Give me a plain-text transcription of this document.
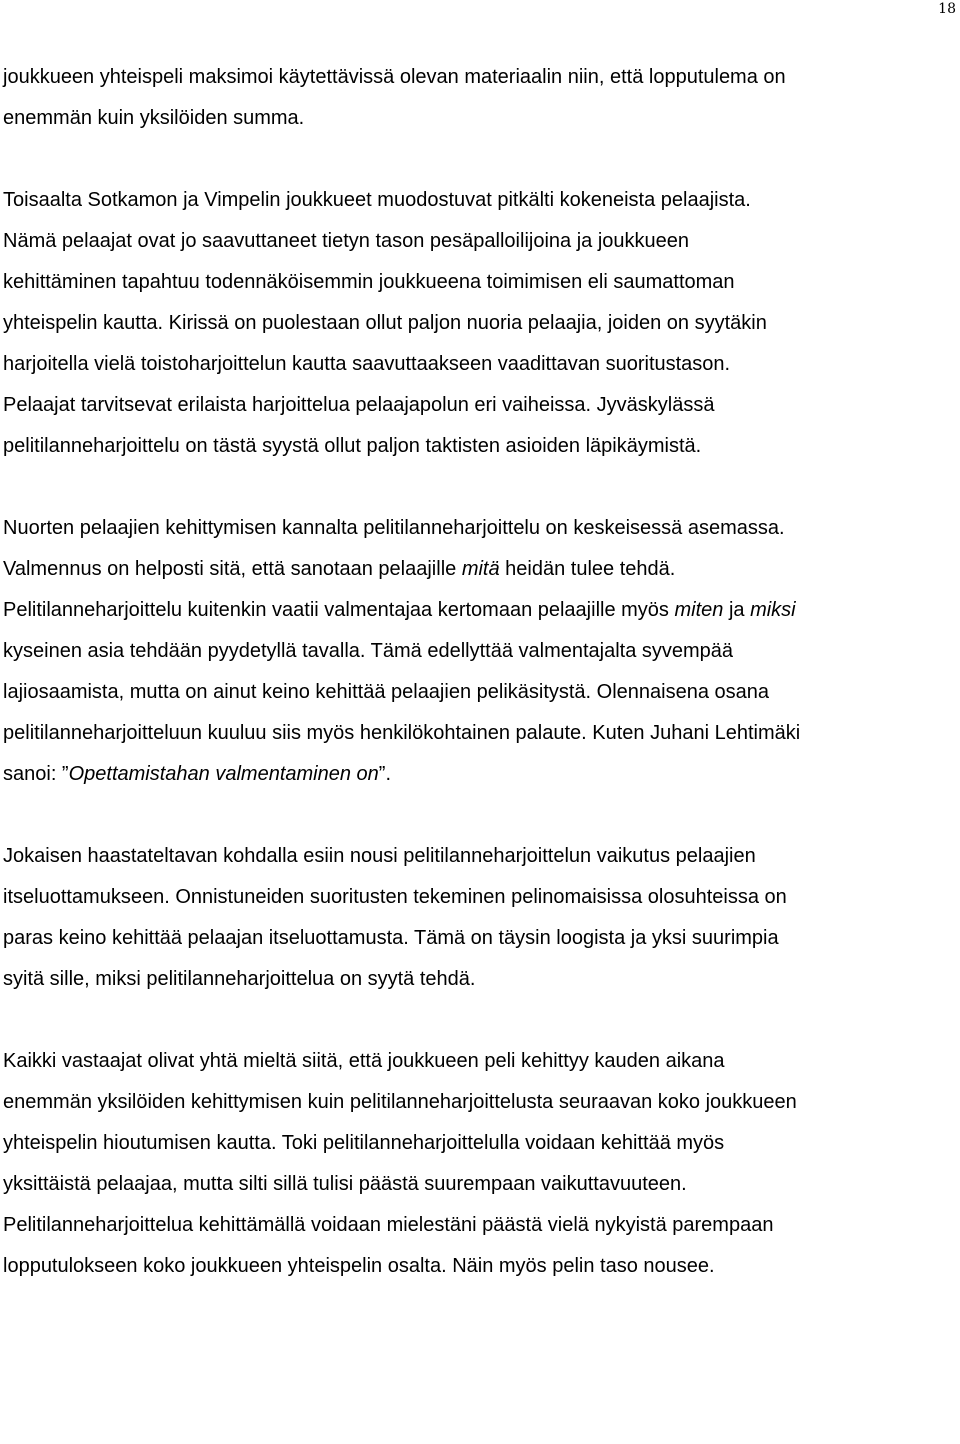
18

joukkueen yhteispeli maksimoi käytettävissä olevan materiaalin niin, että lopputulema on
enemmän kuin yksilöiden summa.

Toisaalta Sotkamon ja Vimpelin joukkueet muodostuvat pitkälti kokeneista pelaajista.
Nämä pelaajat ovat jo saavuttaneet tietyn tason pesäpalloilijoina ja joukkueen
kehittäminen tapahtuu todennäköisemmin joukkueena toimimisen eli saumattoman
yhteispelin kautta. Kirissä on puolestaan ollut paljon nuoria pelaajia, joiden on syytäkin
harjoitella vielä toistoharjoittelun kautta saavuttaakseen vaadittavan suoritustason.
Pelaajat tarvitsevat erilaista harjoittelua pelaajapolun eri vaiheissa. Jyväskylässä
pelitilanneharjoittelu on tästä syystä ollut paljon taktisten asioiden läpikäymistä.

Nuorten pelaajien kehittymisen kannalta pelitilanneharjoittelu on keskeisessä asemassa.
Valmennus on helposti sitä, että sanotaan pelaajille mitä heidän tulee tehdä.
Pelitilanneharjoittelu kuitenkin vaatii valmentajaa kertomaan pelaajille myös miten ja miksi
kyseinen asia tehdään pyydetyllä tavalla. Tämä edellyttää valmentajalta syvempää
lajiosaamista, mutta on ainut keino kehittää pelaajien pelikäsitystä. Olennaisena osana
pelitilanneharjoitteluun kuuluu siis myös henkilökohtainen palaute. Kuten Juhani Lehtimäki
sanoi: ”Opettamistahan valmentaminen on”.

Jokaisen haastateltavan kohdalla esiin nousi pelitilanneharjoittelun vaikutus pelaajien
itseluottamukseen. Onnistuneiden suoritusten tekeminen pelinomaisissa olosuhteissa on
paras keino kehittää pelaajan itseluottamusta. Tämä on täysin loogista ja yksi suurimpia
syitä sille, miksi pelitilanneharjoittelua on syytä tehdä.

Kaikki vastaajat olivat yhtä mieltä siitä, että joukkueen peli kehittyy kauden aikana
enemmän yksilöiden kehittymisen kuin pelitilanneharjoittelusta seuraavan koko joukkueen
yhteispelin hioutumisen kautta. Toki pelitilanneharjoittelulla voidaan kehittää myös
yksittäistä pelaajaa, mutta silti sillä tulisi päästä suurempaan vaikuttavuuteen.
Pelitilanneharjoittelua kehittämällä voidaan mielestäni päästä vielä nykyistä parempaan
lopputulokseen koko joukkueen yhteispelin osalta. Näin myös pelin taso nousee.
